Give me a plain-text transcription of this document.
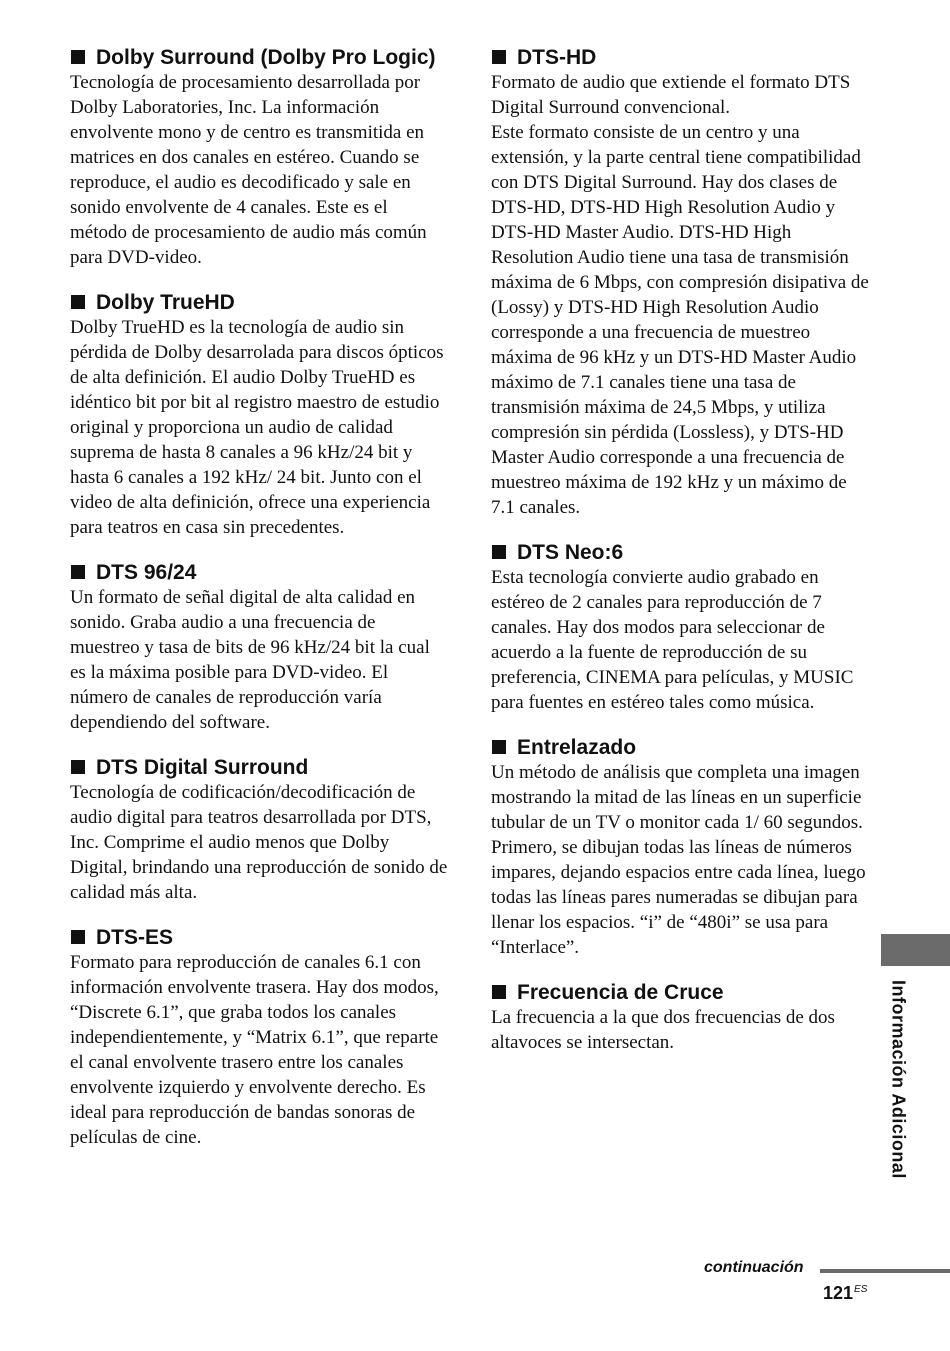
Dolby Surround (Dolby Pro Logic)

Tecnología de procesamiento desarrollada por Dolby Laboratories, Inc. La información envolvente mono y de centro es transmitida en matrices en dos canales en estéreo. Cuando se reproduce, el audio es decodificado y sale en sonido envolvente de 4 canales. Este es el método de procesamiento de audio más común para DVD-video.

Dolby TrueHD

Dolby TrueHD es la tecnología de audio sin pérdida de Dolby desarrolada para discos ópticos de alta definición. El audio Dolby TrueHD es idéntico bit por bit al registro maestro de estudio original y proporciona un audio de calidad suprema de hasta 8 canales a 96 kHz/24 bit y hasta 6 canales a 192 kHz/ 24 bit. Junto con el video de alta definición, ofrece una experiencia para teatros en casa sin precedentes.

DTS 96/24

Un formato de señal digital de alta calidad en sonido. Graba audio a una frecuencia de muestreo y tasa de bits de 96 kHz/24 bit la cual es la máxima posible para DVD-video. El número de canales de reproducción varía dependiendo del software.

DTS Digital Surround

Tecnología de codificación/decodificación de audio digital para teatros desarrollada por DTS, Inc. Comprime el audio menos que Dolby Digital, brindando una reproducción de sonido de calidad más alta.

DTS-ES

Formato para reproducción de canales 6.1 con información envolvente trasera. Hay dos modos, “Discrete 6.1”, que graba todos los canales independientemente, y “Matrix 6.1”, que reparte el canal envolvente trasero entre los canales envolvente izquierdo y envolvente derecho. Es ideal para reproducción de bandas sonoras de películas de cine.

DTS-HD

Formato de audio que extiende el formato DTS Digital Surround convencional.

Este formato consiste de un centro y una extensión, y la parte central tiene compatibilidad con DTS Digital Surround. Hay dos clases de DTS-HD, DTS-HD High Resolution Audio y DTS-HD Master Audio. DTS-HD High Resolution Audio tiene una tasa de transmisión máxima de 6 Mbps, con compresión disipativa de (Lossy) y DTS-HD High Resolution Audio corresponde a una frecuencia de muestreo máxima de 96 kHz y un DTS-HD Master Audio máximo de 7.1 canales tiene una tasa de transmisión máxima de 24,5 Mbps, y utiliza compresión sin pérdida (Lossless), y DTS-HD Master Audio corresponde a una frecuencia de muestreo máxima de 192 kHz y un máximo de 7.1 canales.

DTS Neo:6

Esta tecnología convierte audio grabado en estéreo de 2 canales para reproducción de 7 canales. Hay dos modos para seleccionar de acuerdo a la fuente de reproducción de su preferencia, CINEMA para películas, y MUSIC para fuentes en estéreo tales como música.

Entrelazado

Un método de análisis que completa una imagen mostrando la mitad de las líneas en un superficie tubular de un TV o monitor cada 1/ 60 segundos. Primero, se dibujan todas las líneas de números impares, dejando espacios entre cada línea, luego todas las líneas pares numeradas se dibujan para llenar los espacios. “i” de “480i” se usa para “Interlace”.

Frecuencia de Cruce

La frecuencia a la que dos frecuencias de dos altavoces se intersectan.	Información Adicional
continuación
$121^{ES}$
